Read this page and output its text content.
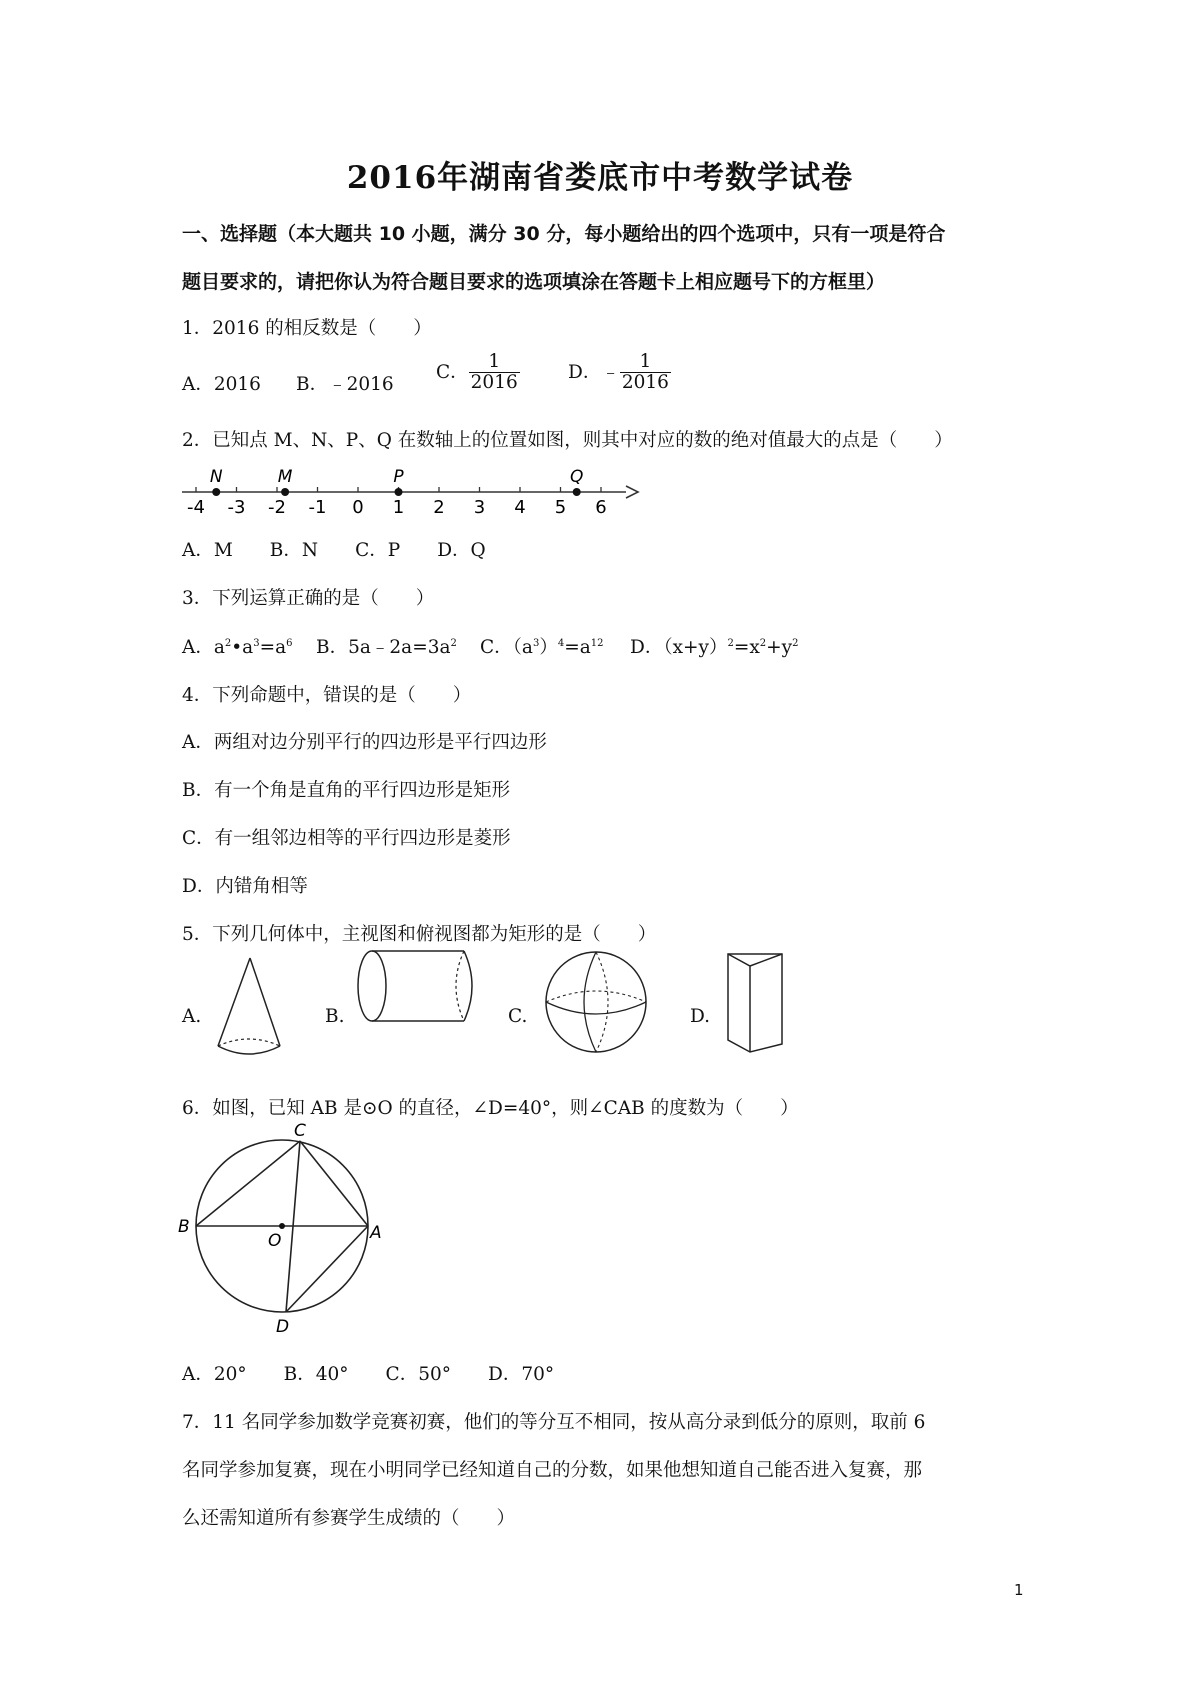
2016年湖南省娄底市中考数学试卷
一、选择题（本大题共 10 小题，满分 30 分，每小题给出的四个选项中，只有一项是符合
题目要求的，请把你认为符合题目要求的选项填涂在答题卡上相应题号下的方框里）
1．2016 的相反数是（　　）
A．2016 B．﹣2016
C． $\frac{1}{2016}$	D．﹣ $\frac{1}{2016}$
2．已知点 M、N、P、Q 在数轴上的位置如图，则其中对应的数的绝对值最大的点是（　　）
-4 -3 -2 -1 0 1 2 3 4 5 6
N	M	P	Q
A．M　　B．N　　C．P　　D．Q
3．下列运算正确的是（　　）
A．$a^2•a^3=a^6$ B．$5a﹣2a=3a^2$ C．$(a^3)^4=a^{12}$ D．$(x+y)^2=x^2+y^2$
4．下列命题中，错误的是（　　）
A．两组对边分别平行的四边形是平行四边形
B．有一个角是直角的平行四边形是矩形
C．有一组邻边相等的平行四边形是菱形
D．内错角相等
5．下列几何体中，主视图和俯视图都为矩形的是（　　）
A.	B.	C.	D.
6．如图，已知 AB 是⊙O 的直径，∠D=40°，则∠CAB 的度数为（　　）
C
B	A
O
D
A．20°　　B．40°　　C．50°　　D．70°
7．11 名同学参加数学竞赛初赛，他们的等分互不相同，按从高分录到低分的原则，取前 6
名同学参加复赛，现在小明同学已经知道自己的分数，如果他想知道自己能否进入复赛，那
么还需知道所有参赛学生成绩的（　　）
1
